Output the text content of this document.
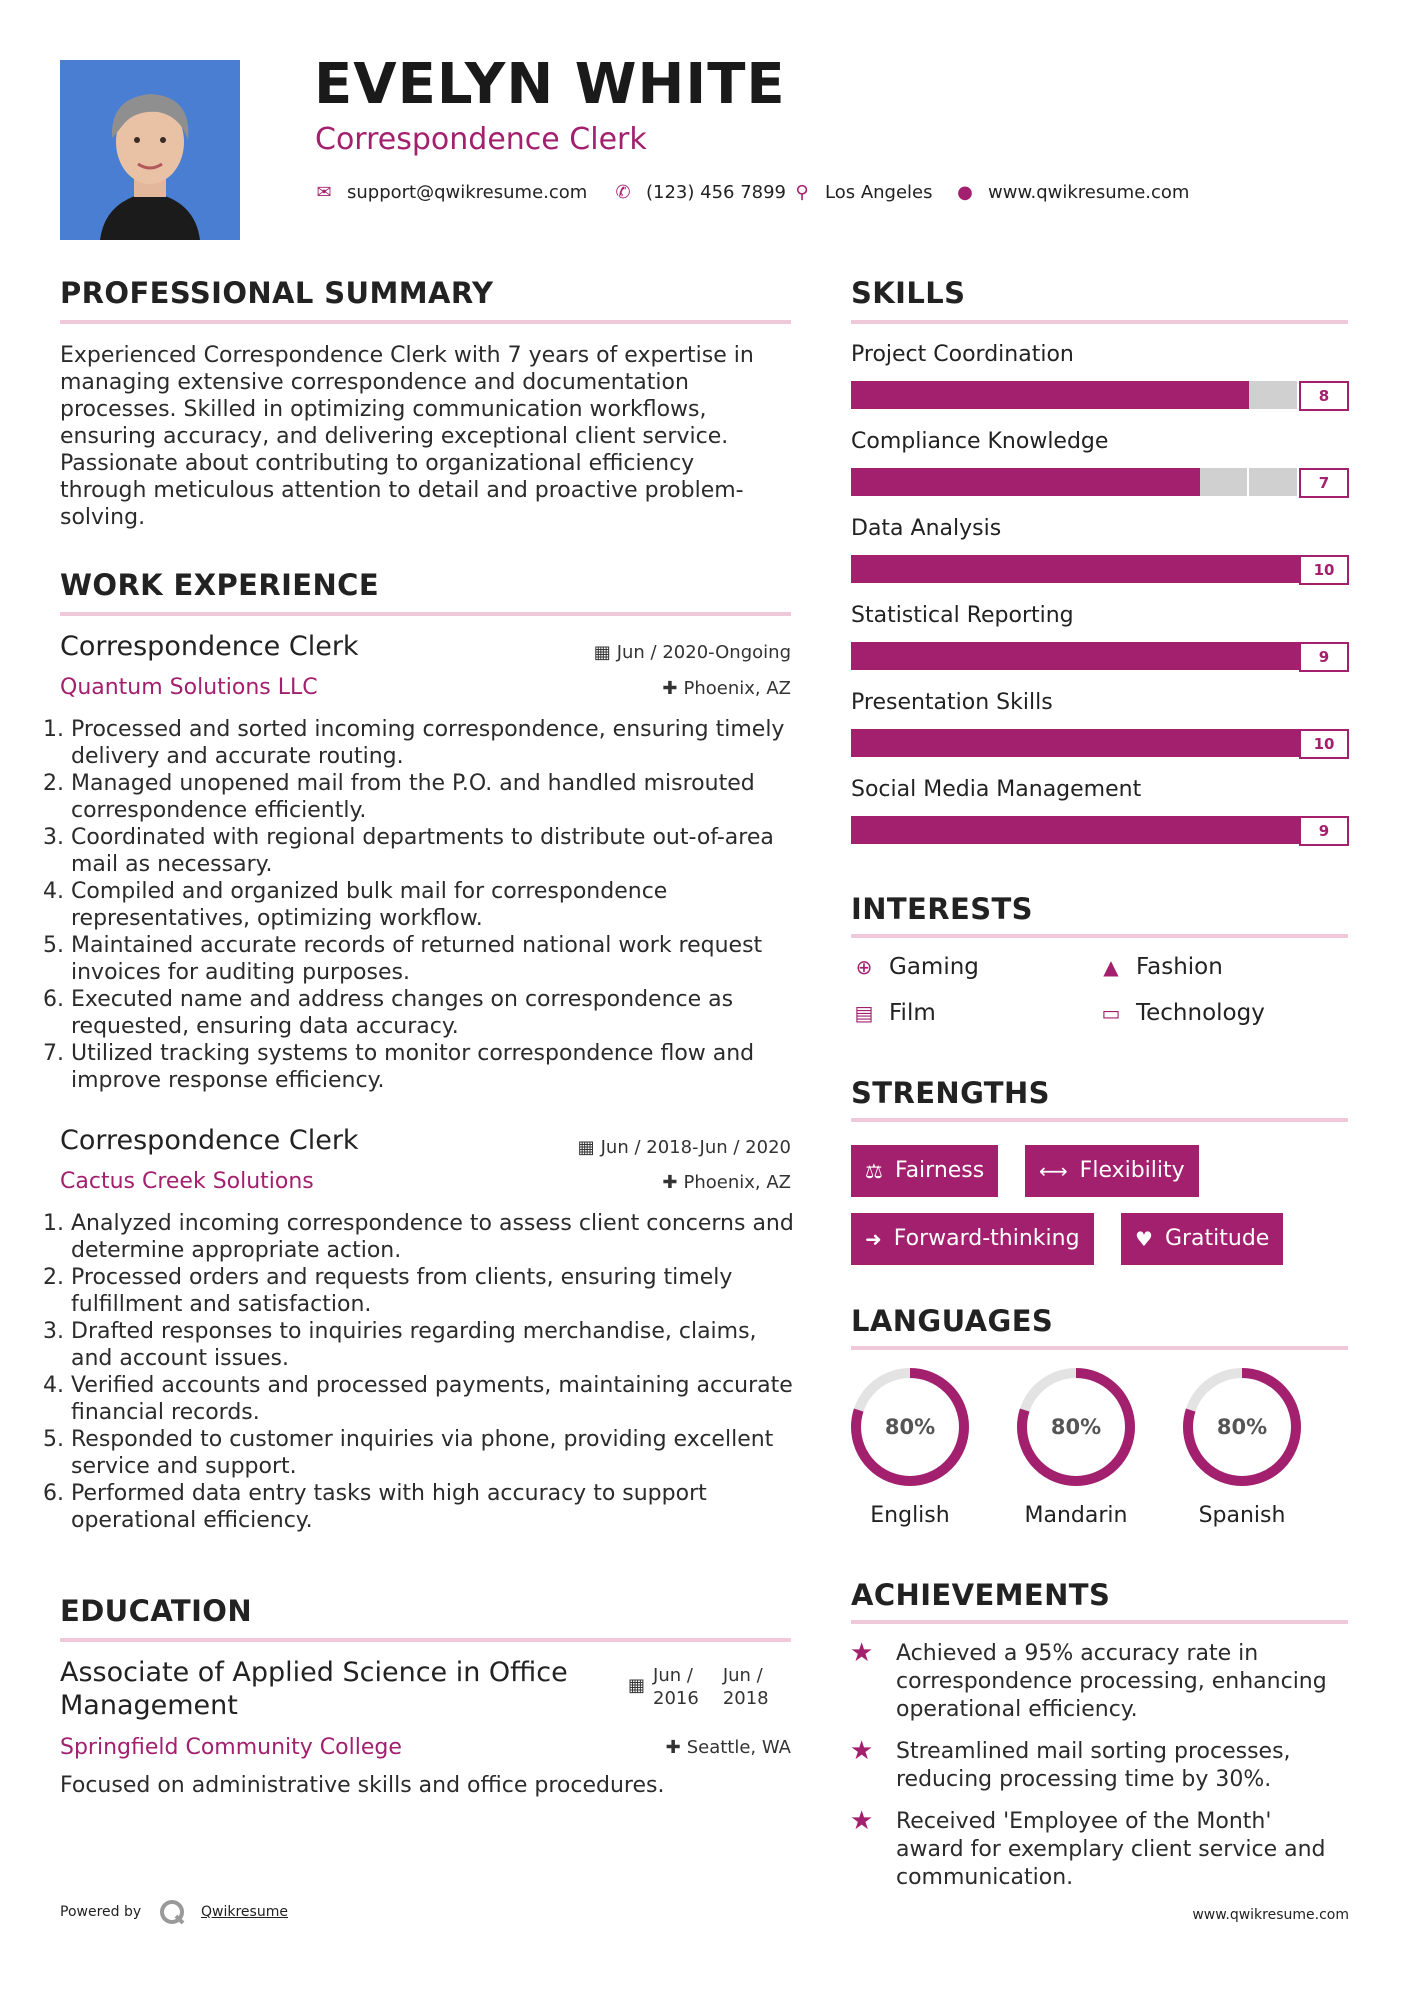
EVELYN WHITE
Correspondence Clerk
✉ support@qwikresume.com ✆ (123) 456 7899 ⚲ Los Angeles ● www.qwikresume.com
PROFESSIONAL SUMMARY
Experienced Correspondence Clerk with 7 years of expertise in
managing extensive correspondence and documentation
processes. Skilled in optimizing communication workflows,
ensuring accuracy, and delivering exceptional client service.
Passionate about contributing to organizational efficiency
through meticulous attention to detail and proactive problem-
solving.
WORK EXPERIENCE
Correspondence Clerk	▦ Jun / 2020-Ongoing
Quantum Solutions LLC	✚ Phoenix, AZ
1. Processed and sorted incoming correspondence, ensuring timely delivery and accurate routing.
2. Managed unopened mail from the P.O. and handled misrouted correspondence efficiently.
3. Coordinated with regional departments to distribute out-of-area mail as necessary.
4. Compiled and organized bulk mail for correspondence representatives, optimizing workflow.
5. Maintained accurate records of returned national work request invoices for auditing purposes.
6. Executed name and address changes on correspondence as requested, ensuring data accuracy.
7. Utilized tracking systems to monitor correspondence flow and improve response efficiency.
Correspondence Clerk	▦ Jun / 2018-Jun / 2020
Cactus Creek Solutions	✚ Phoenix, AZ
1. Analyzed incoming correspondence to assess client concerns and determine appropriate action.
2. Processed orders and requests from clients, ensuring timely fulfillment and satisfaction.
3. Drafted responses to inquiries regarding merchandise, claims, and account issues.
4. Verified accounts and processed payments, maintaining accurate financial records.
5. Responded to customer inquiries via phone, providing excellent service and support.
6. Performed data entry tasks with high accuracy to support operational efficiency.
EDUCATION
Associate of Applied Science in Office
Management
▦ Jun /
2016
Jun /
2018
Springfield Community College	✚ Seattle, WA
Focused on administrative skills and office procedures.
SKILLS
Project Coordination
8
Compliance Knowledge
7
Data Analysis
10
Statistical Reporting
9
Presentation Skills
10
Social Media Management
9
INTERESTS
⊕ Gaming	▲ Fashion
▤ Film	▭ Technology
STRENGTHS
⚖ Fairness	⟷ Flexibility
➜ Forward-thinking	♥ Gratitude
LANGUAGES
80%
English
80%
Mandarin
80%
Spanish
ACHIEVEMENTS
★ Achieved a 95% accuracy rate in
correspondence processing, enhancing
operational efficiency.
★ Streamlined mail sorting processes,
reducing processing time by 30%.
★ Received 'Employee of the Month'
award for exemplary client service and
communication.
Powered by	Qwikresume	www.qwikresume.com
